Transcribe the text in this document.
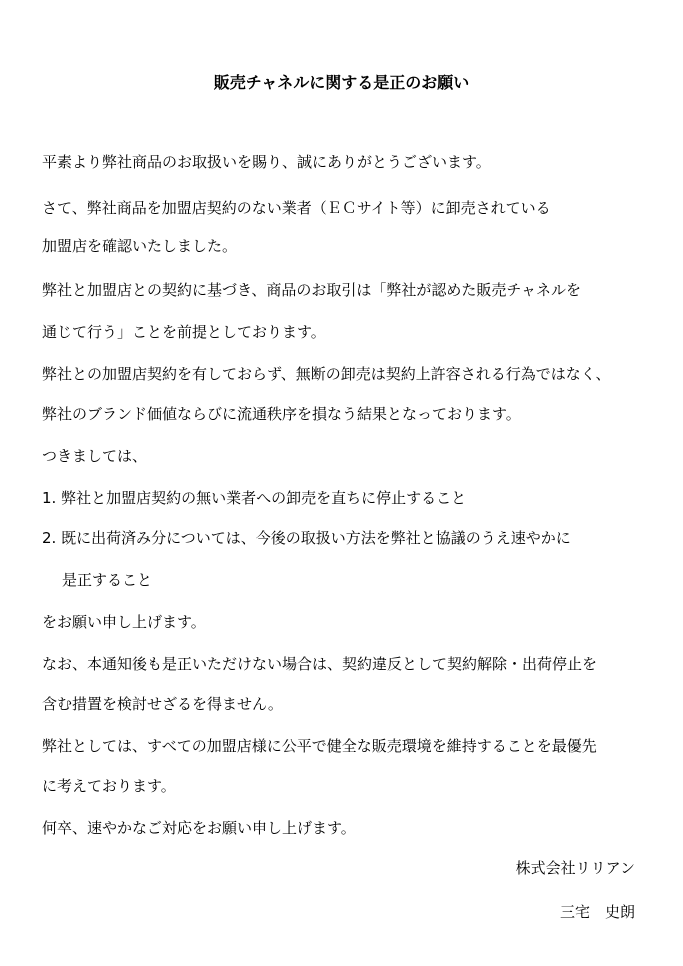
販売チャネルに関する是正のお願い
平素より弊社商品のお取扱いを賜り、誠にありがとうございます。
さて、弊社商品を加盟店契約のない業者（ＥＣサイト等）に卸売されている
加盟店を確認いたしました。
弊社と加盟店との契約に基づき、商品のお取引は「弊社が認めた販売チャネルを
通じて行う」ことを前提としております。
弊社との加盟店契約を有しておらず、無断の卸売は契約上許容される行為ではなく、
弊社のブランド価値ならびに流通秩序を損なう結果となっております。
つきましては、
1. 弊社と加盟店契約の無い業者への卸売を直ちに停止すること
2. 既に出荷済み分については、今後の取扱い方法を弊社と協議のうえ速やかに
是正すること
をお願い申し上げます。
なお、本通知後も是正いただけない場合は、契約違反として契約解除・出荷停止を
含む措置を検討せざるを得ません。
弊社としては、すべての加盟店様に公平で健全な販売環境を維持することを最優先
に考えております。
何卒、速やかなご対応をお願い申し上げます。
株式会社リリアン
三宅　史朗
